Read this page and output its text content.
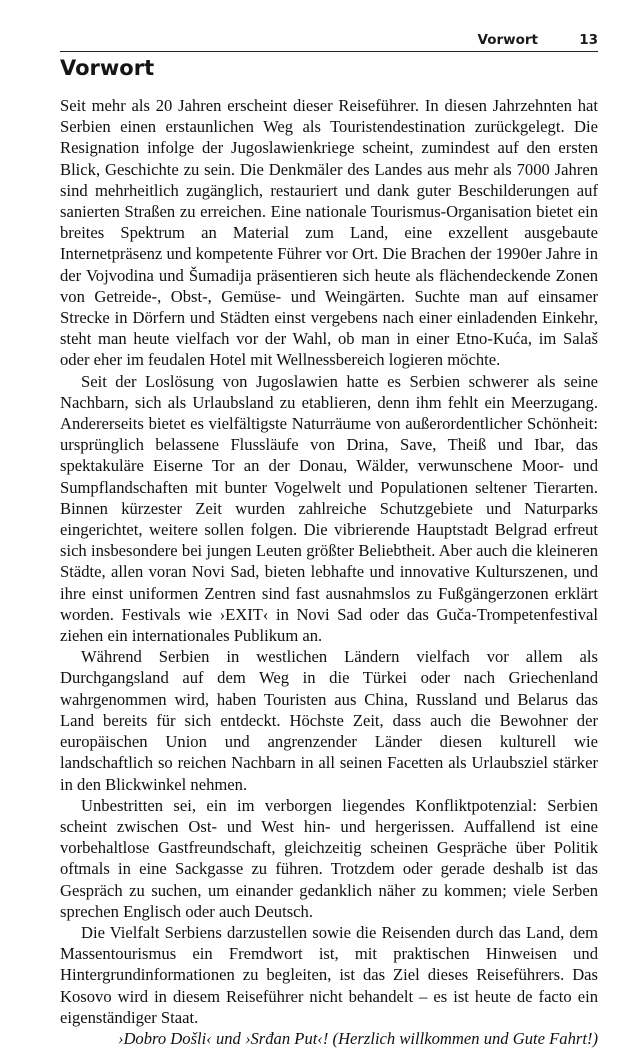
Vorwort	13
Vorwort

Seit mehr als 20 Jahren erscheint dieser Reiseführer. In diesen Jahrzehnten hat Serbien einen erstaunlichen Weg als Touristendestination zurückgelegt. Die Resignation infolge der Jugoslawienkriege scheint, zumindest auf den ersten Blick, Geschichte zu sein. Die Denkmäler des Landes aus mehr als 7000 Jahren sind mehrheitlich zugänglich, restauriert und dank guter Beschilderungen auf sanierten Straßen zu erreichen. Eine nationale Tourismus-Organisation bietet ein breites Spektrum an Material zum Land, eine exzellent ausgebaute Internetpräsenz und kompetente Führer vor Ort. Die Brachen der 1990er Jahre in der Vojvodina und Šumadija präsentieren sich heute als flächendeckende Zonen von Getreide-, Obst-, Gemüse- und Weingärten. Suchte man auf einsamer Strecke in Dörfern und Städten einst vergebens nach einer einladenden Einkehr, steht man heute vielfach vor der Wahl, ob man in einer Etno-Kuća, im Salaš oder eher im feudalen Hotel mit Wellnessbereich logieren möchte.

Seit der Loslösung von Jugoslawien hatte es Serbien schwerer als seine Nachbarn, sich als Urlaubsland zu etablieren, denn ihm fehlt ein Meerzugang. Andererseits bietet es vielfältigste Naturräume von außerordentlicher Schönheit: ursprünglich belassene Flussläufe von Drina, Save, Theiß und Ibar, das spektakuläre Eiserne Tor an der Donau, Wälder, verwunschene Moor- und Sumpflandschaften mit bunter Vogelwelt und Populationen seltener Tierarten. Binnen kürzester Zeit wurden zahlreiche Schutzgebiete und Naturparks eingerichtet, weitere sollen folgen. Die vibrierende Hauptstadt Belgrad erfreut sich insbesondere bei jungen Leuten größter Beliebtheit. Aber auch die kleineren Städte, allen voran Novi Sad, bieten lebhafte und innovative Kulturszenen, und ihre einst uniformen Zentren sind fast ausnahmslos zu Fußgängerzonen erklärt worden. Festivals wie ›EXIT‹ in Novi Sad oder das Guča-Trompetenfestival ziehen ein internationales Publikum an.

Während Serbien in westlichen Ländern vielfach vor allem als Durchgangsland auf dem Weg in die Türkei oder nach Griechenland wahrgenommen wird, haben Touristen aus China, Russland und Belarus das Land bereits für sich entdeckt. Höchste Zeit, dass auch die Bewohner der europäischen Union und angrenzender Länder diesen kulturell wie landschaftlich so reichen Nachbarn in all seinen Facetten als Urlaubsziel stärker in den Blickwinkel nehmen.

Unbestritten sei, ein im verborgen liegendes Konfliktpotenzial: Serbien scheint zwischen Ost- und West hin- und hergerissen. Auffallend ist eine vorbehaltlose Gastfreundschaft, gleichzeitig scheinen Gespräche über Politik oftmals in eine Sackgasse zu führen. Trotzdem oder gerade deshalb ist das Gespräch zu suchen, um einander gedanklich näher zu kommen; viele Serben sprechen Englisch oder auch Deutsch.

Die Vielfalt Serbiens darzustellen sowie die Reisenden durch das Land, dem Massentourismus ein Fremdwort ist, mit praktischen Hinweisen und Hintergrundinformationen zu begleiten, ist das Ziel dieses Reiseführers. Das Kosovo wird in diesem Reiseführer nicht behandelt – es ist heute de facto ein eigenständiger Staat.

›Dobro Došli‹ und ›Srđan Put‹! (Herzlich willkommen und Gute Fahrt!)
